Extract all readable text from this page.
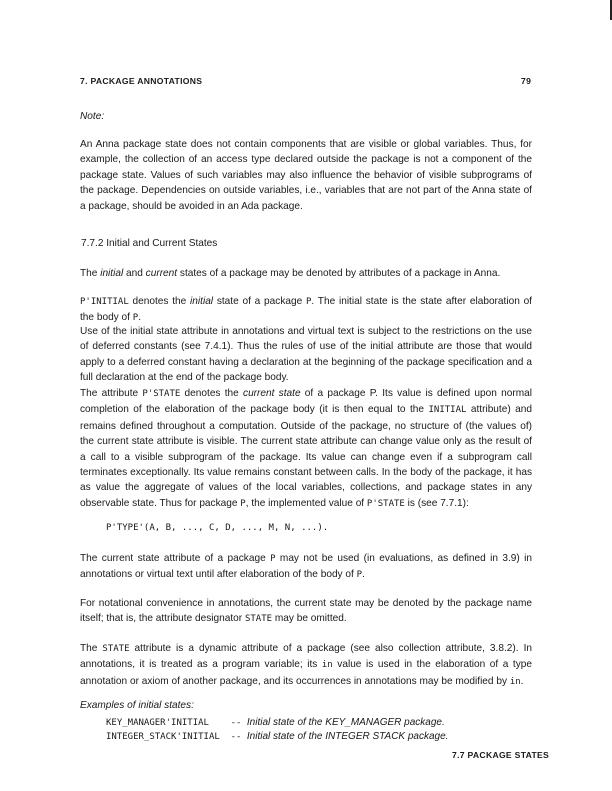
7. PACKAGE ANNOTATIONS	79
Note:
An Anna package state does not contain components that are visible or global variables. Thus, for example, the collection of an access type declared outside the package is not a component of the package state. Values of such variables may also influence the behavior of visible subprograms of the package. Dependencies on outside variables, i.e., variables that are not part of the Anna state of a package, should be avoided in an Ada package.
7.7.2 Initial and Current States
The initial and current states of a package may be denoted by attributes of a package in Anna.
P'INITIAL denotes the initial state of a package P. The initial state is the state after elaboration of the body of P.
Use of the initial state attribute in annotations and virtual text is subject to the restrictions on the use of deferred constants (see 7.4.1). Thus the rules of use of the initial attribute are those that would apply to a deferred constant having a declaration at the beginning of the package specification and a full declaration at the end of the package body.
The attribute P'STATE denotes the current state of a package P. Its value is defined upon normal completion of the elaboration of the package body (it is then equal to the INITIAL attribute) and remains defined throughout a computation. Outside of the package, no structure of (the values of) the current state attribute is visible. The current state attribute can change value only as the result of a call to a visible subprogram of the package. Its value can change even if a subprogram call terminates exceptionally. Its value remains constant between calls. In the body of the package, it has as value the aggregate of values of the local variables, collections, and package states in any observable state. Thus for package P, the implemented value of P'STATE is (see 7.7.1):
P'TYPE'(A, B, ..., C, D, ..., M, N, ...).
The current state attribute of a package P may not be used (in evaluations, as defined in 3.9) in annotations or virtual text until after elaboration of the body of P.
For notational convenience in annotations, the current state may be denoted by the package name itself; that is, the attribute designator STATE may be omitted.
The STATE attribute is a dynamic attribute of a package (see also collection attribute, 3.8.2). In annotations, it is treated as a program variable; its in value is used in the elaboration of a type annotation or axiom of another package, and its occurrences in annotations may be modified by in.
Examples of initial states:
KEY_MANAGER'INITIAL    -- Initial state of the KEY_MANAGER package.
INTEGER_STACK'INITIAL  -- Initial state of the INTEGER STACK package.
7.7 PACKAGE STATES
